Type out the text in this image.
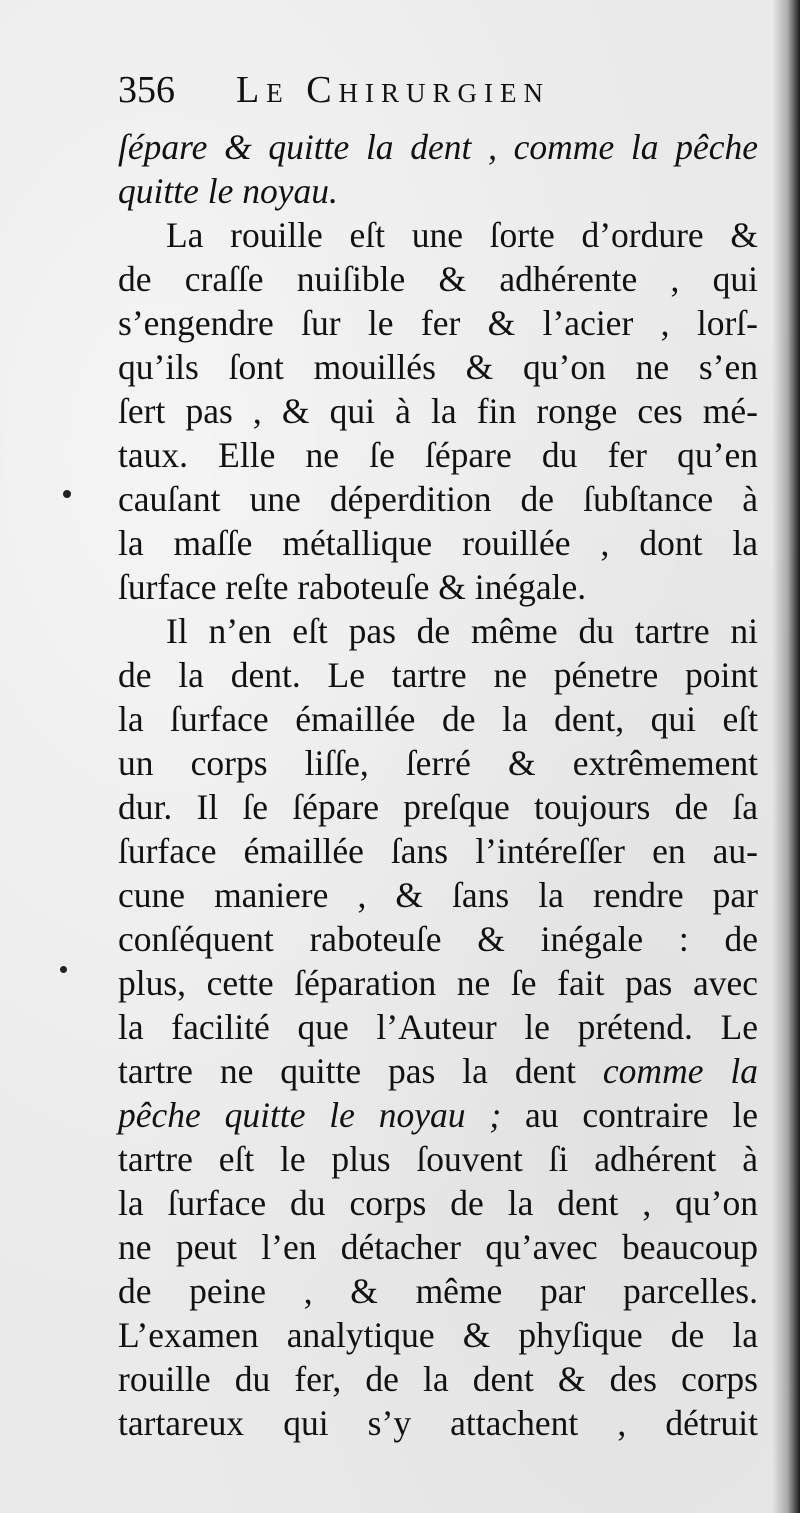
356 Le Chirurgien
ſépare & quitte la dent , comme la pêche
quitte le noyau.
La rouille eſt une ſorte d’ordure &
de craſſe nuiſible & adhérente , qui
s’engendre ſur le fer & l’acier , lorſ-
qu’ils ſont mouillés & qu’on ne s’en
ſert pas , & qui à la fin ronge ces mé-
taux. Elle ne ſe ſépare du fer qu’en
cauſant une déperdition de ſubſtance à
la maſſe métallique rouillée , dont la
ſurface reſte raboteuſe & inégale.
Il n’en eſt pas de même du tartre ni
de la dent. Le tartre ne pénetre point
la ſurface émaillée de la dent, qui eſt
un corps liſſe, ſerré & extrêmement
dur. Il ſe ſépare preſque toujours de ſa
ſurface émaillée ſans l’intéreſſer en au-
cune maniere , & ſans la rendre par
conſéquent raboteuſe & inégale : de
plus, cette ſéparation ne ſe fait pas avec
la facilité que l’Auteur le prétend. Le
tartre ne quitte pas la dent comme la
pêche quitte le noyau ; au contraire le
tartre eſt le plus ſouvent ſi adhérent à
la ſurface du corps de la dent , qu’on
ne peut l’en détacher qu’avec beaucoup
de peine , & même par parcelles.
L’examen analytique & phyſique de la
rouille du fer, de la dent & des corps
tartareux qui s’y attachent , détruit
